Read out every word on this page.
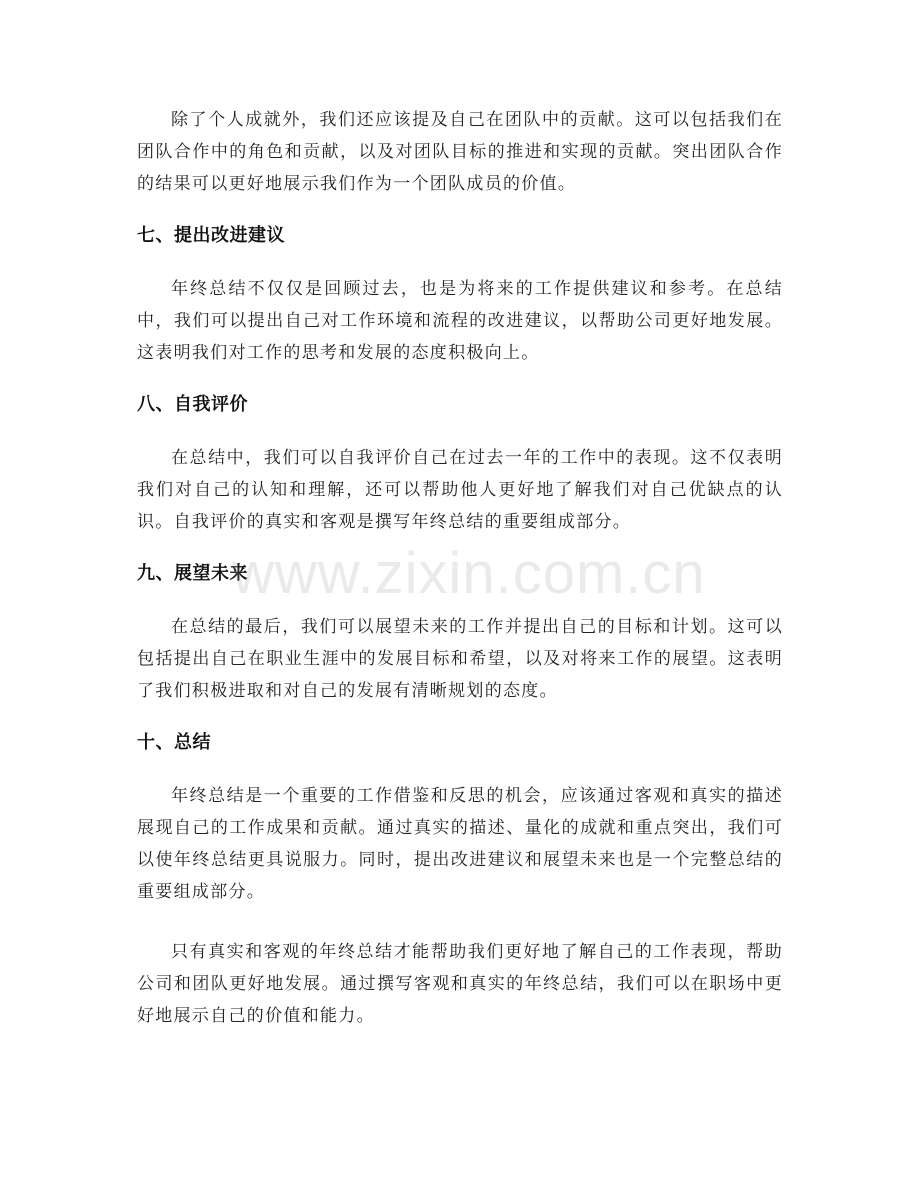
除了个人成就外，我们还应该提及自己在团队中的贡献。这可以包括我们在团队合作中的角色和贡献，以及对团队目标的推进和实现的贡献。突出团队合作的结果可以更好地展示我们作为一个团队成员的价值。

七、提出改进建议

年终总结不仅仅是回顾过去，也是为将来的工作提供建议和参考。在总结中，我们可以提出自己对工作环境和流程的改进建议，以帮助公司更好地发展。这表明我们对工作的思考和发展的态度积极向上。

八、自我评价

在总结中，我们可以自我评价自己在过去一年的工作中的表现。这不仅表明我们对自己的认知和理解，还可以帮助他人更好地了解我们对自己优缺点的认识。自我评价的真实和客观是撰写年终总结的重要组成部分。

九、展望未来

在总结的最后，我们可以展望未来的工作并提出自己的目标和计划。这可以包括提出自己在职业生涯中的发展目标和希望，以及对将来工作的展望。这表明了我们积极进取和对自己的发展有清晰规划的态度。

十、总结

年终总结是一个重要的工作借鉴和反思的机会，应该通过客观和真实的描述展现自己的工作成果和贡献。通过真实的描述、量化的成就和重点突出，我们可以使年终总结更具说服力。同时，提出改进建议和展望未来也是一个完整总结的重要组成部分。

只有真实和客观的年终总结才能帮助我们更好地了解自己的工作表现，帮助公司和团队更好地发展。通过撰写客观和真实的年终总结，我们可以在职场中更好地展示自己的价值和能力。

www.zixin.com.cn
